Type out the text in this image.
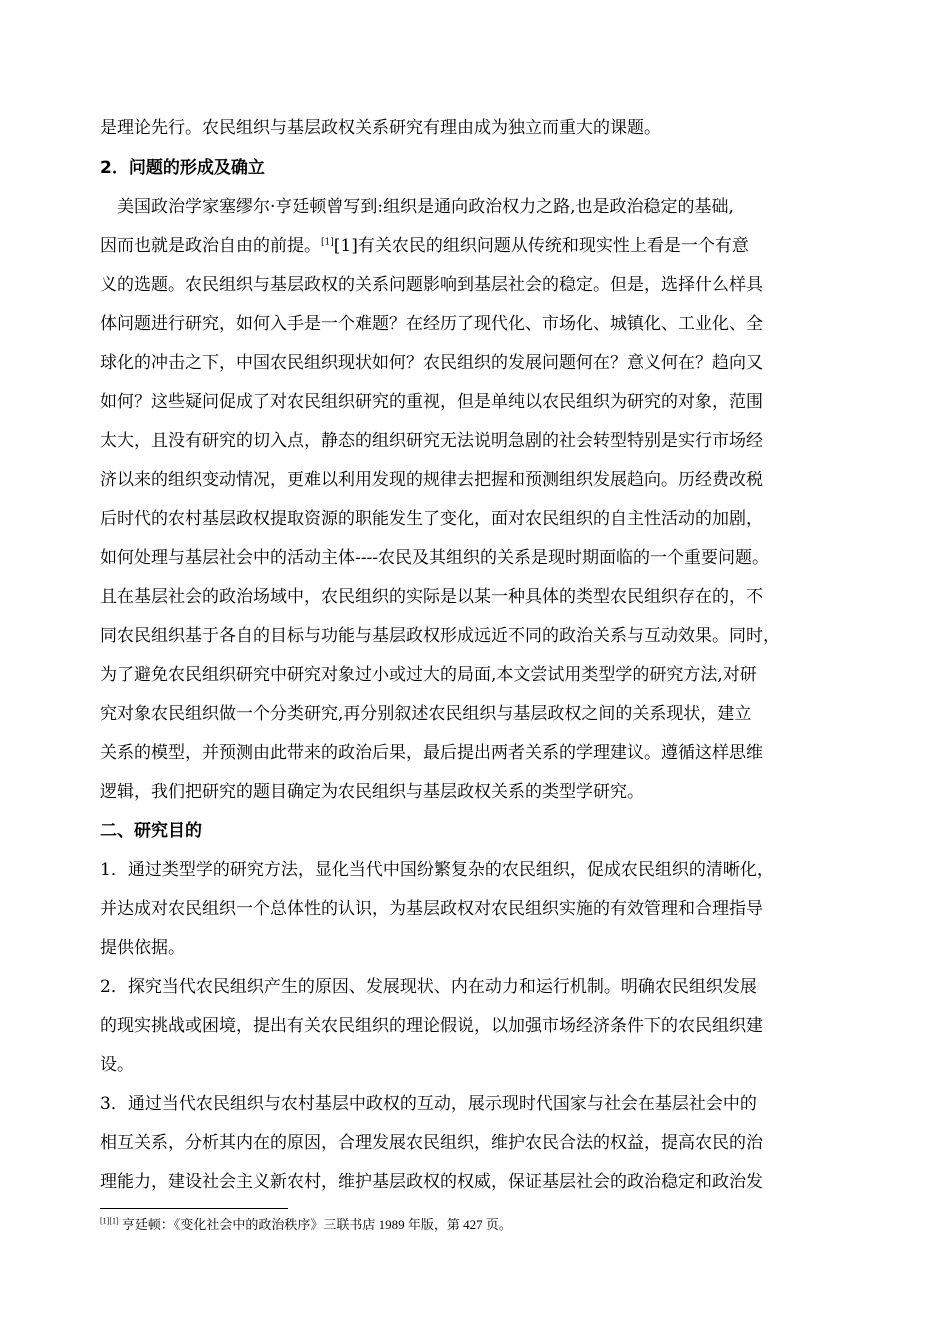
是理论先行。农民组织与基层政权关系研究有理由成为独立而重大的课题。
2．问题的形成及确立
　美国政治学家塞缪尔·亨廷顿曾写到:组织是通向政治权力之路,也是政治稳定的基础,
因而也就是政治自由的前提。[1][1]有关农民的组织问题从传统和现实性上看是一个有意
义的选题。农民组织与基层政权的关系问题影响到基层社会的稳定。但是，选择什么样具
体问题进行研究，如何入手是一个难题？在经历了现代化、市场化、城镇化、工业化、全
球化的冲击之下，中国农民组织现状如何？农民组织的发展问题何在？意义何在？趋向又
如何？这些疑问促成了对农民组织研究的重视，但是单纯以农民组织为研究的对象，范围
太大，且没有研究的切入点，静态的组织研究无法说明急剧的社会转型特别是实行市场经
济以来的组织变动情况，更难以利用发现的规律去把握和预测组织发展趋向。历经费改税
后时代的农村基层政权提取资源的职能发生了变化，面对农民组织的自主性活动的加剧，
如何处理与基层社会中的活动主体----农民及其组织的关系是现时期面临的一个重要问题。
且在基层社会的政治场域中，农民组织的实际是以某一种具体的类型农民组织存在的，不
同农民组织基于各自的目标与功能与基层政权形成远近不同的政治关系与互动效果。同时，
为了避免农民组织研究中研究对象过小或过大的局面,本文尝试用类型学的研究方法,对研
究对象农民组织做一个分类研究,再分别叙述农民组织与基层政权之间的关系现状，建立
关系的模型，并预测由此带来的政治后果，最后提出两者关系的学理建议。遵循这样思维
逻辑，我们把研究的题目确定为农民组织与基层政权关系的类型学研究。
二、研究目的
1．通过类型学的研究方法，显化当代中国纷繁复杂的农民组织，促成农民组织的清晰化，
并达成对农民组织一个总体性的认识，为基层政权对农民组织实施的有效管理和合理指导
提供依据。
2．探究当代农民组织产生的原因、发展现状、内在动力和运行机制。明确农民组织发展
的现实挑战或困境，提出有关农民组织的理论假说，以加强市场经济条件下的农民组织建
设。
3．通过当代农民组织与农村基层中政权的互动，展示现时代国家与社会在基层社会中的
相互关系，分析其内在的原因，合理发展农民组织，维护农民合法的权益，提高农民的治
理能力，建设社会主义新农村，维护基层政权的权威，保证基层社会的政治稳定和政治发
[1][1] 亨廷顿：《变化社会中的政治秩序》三联书店 1989 年版，第 427 页。
